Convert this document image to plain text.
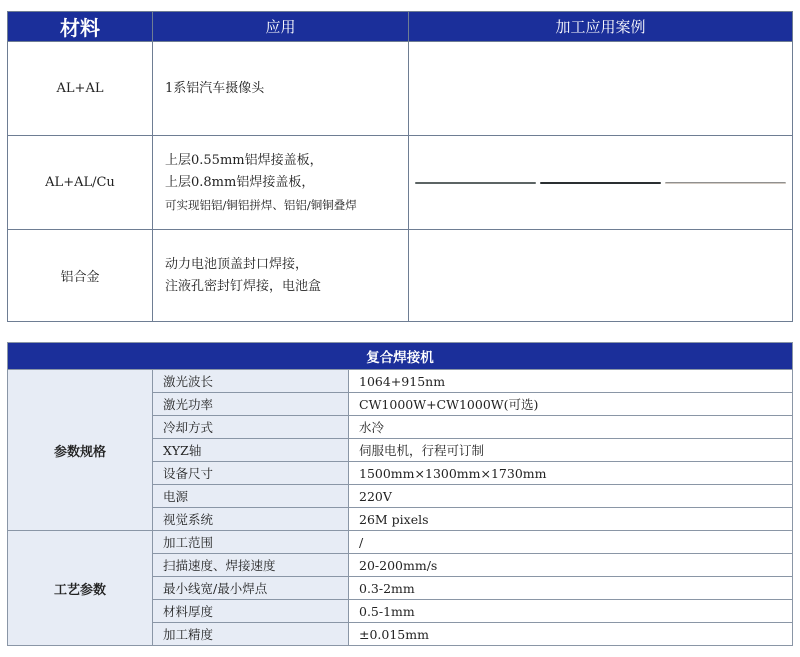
材料	应用	加工应用案例
AL+AL	1系铝汽车摄像头	

AL+AL/Cu	上层0.55mm铝焊接盖板，
上层0.8mm铝焊接盖板，
可实现铝铝/铜铝拼焊、铝铝/铜铜叠焊	

铝合金	动力电池顶盖封口焊接，
注液孔密封钉焊接，电池盒	

复合焊接机		
参数规格	激光波长	1064+915nm
	激光功率	CW1000W+CW1000W(可选)
	冷却方式	水冷
	XYZ轴	伺服电机，行程可订制
	设备尺寸	1500mm×1300mm×1730mm
	电源	220V
	视觉系统	26M pixels
工艺参数	加工范围	/
	扫描速度、焊接速度	20-200mm/s
	最小线宽/最小焊点	0.3-2mm
	材料厚度	0.5-1mm
	加工精度	±0.015mm
